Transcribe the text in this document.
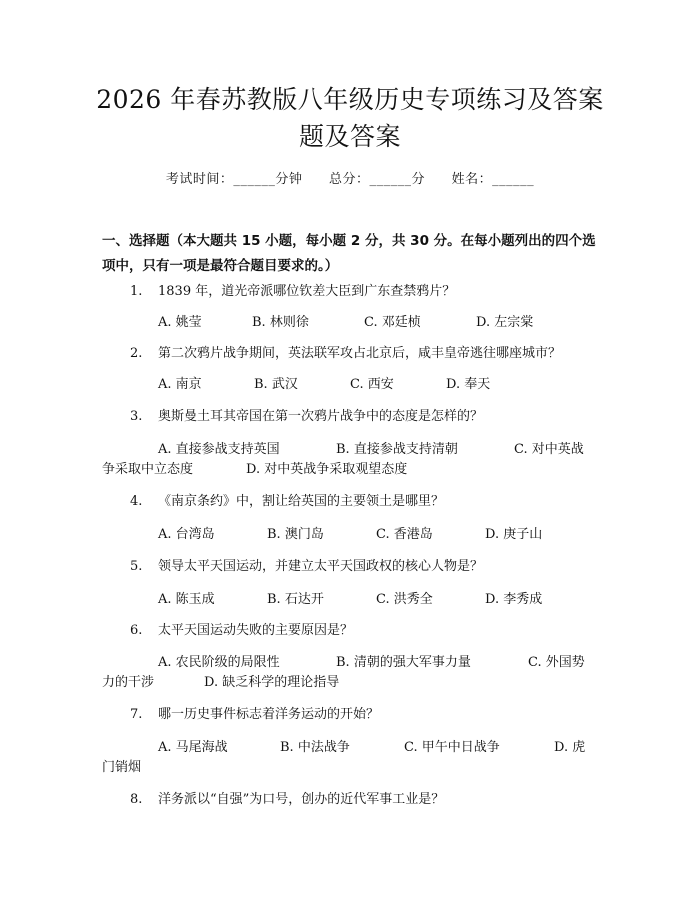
2026 年春苏教版八年级历史专项练习及答案
题及答案
考试时间：______分钟 总分：______分 姓名：______
一、选择题（本大题共 15 小题，每小题 2 分，共 30 分。在每小题列出的四个选
项中，只有一项是最符合题目要求的。）
1.	1839 年，道光帝派哪位钦差大臣到广东查禁鸦片？
A. 姚莹	B. 林则徐	C. 邓廷桢	D. 左宗棠
2.	第二次鸦片战争期间，英法联军攻占北京后，咸丰皇帝逃往哪座城市？
A. 南京	B. 武汉	C. 西安	D. 奉天
3.	奥斯曼土耳其帝国在第一次鸦片战争中的态度是怎样的？
A. 直接参战支持英国	B. 直接参战支持清朝	C. 对中英战
争采取中立态度	D. 对中英战争采取观望态度
4.	《南京条约》中，割让给英国的主要领土是哪里？
A. 台湾岛	B. 澳门岛	C. 香港岛	D. 庚子山
5.	领导太平天国运动，并建立太平天国政权的核心人物是？
A. 陈玉成	B. 石达开	C. 洪秀全	D. 李秀成
6.	太平天国运动失败的主要原因是？
A. 农民阶级的局限性	B. 清朝的强大军事力量	C. 外国势
力的干涉	D. 缺乏科学的理论指导
7.	哪一历史事件标志着洋务运动的开始？
A. 马尾海战	B. 中法战争	C. 甲午中日战争	D. 虎
门销烟
8.	洋务派以“自强”为口号，创办的近代军事工业是？
